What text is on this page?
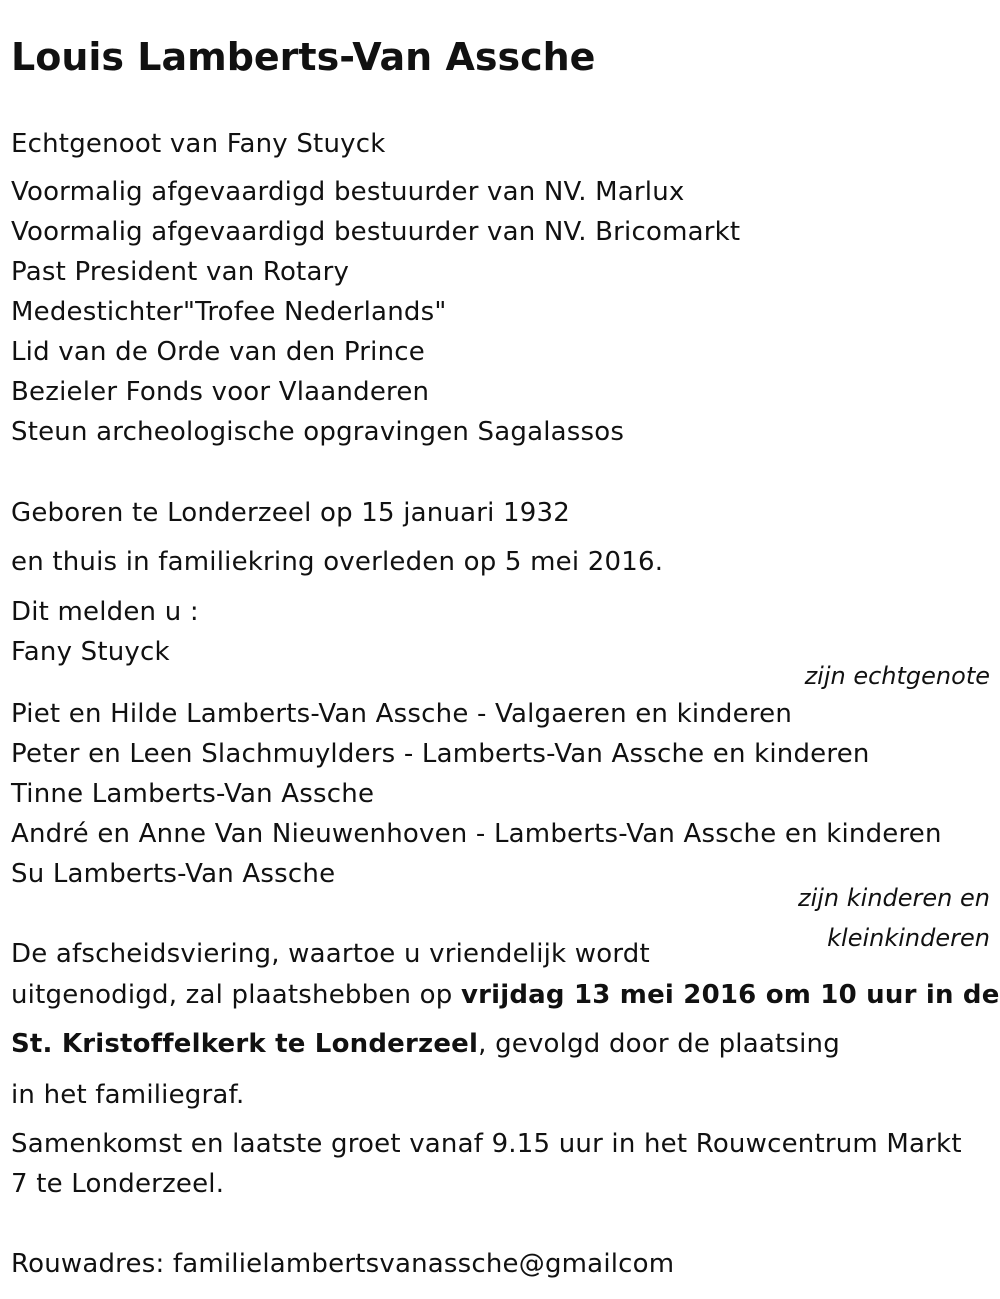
Louis Lamberts-Van Assche
Echtgenoot van Fany Stuyck
Voormalig afgevaardigd bestuurder van NV. Marlux
Voormalig afgevaardigd bestuurder van NV. Bricomarkt
Past President van Rotary
Medestichter"Trofee Nederlands"
Lid van de Orde van den Prince
Bezieler Fonds voor Vlaanderen
Steun archeologische opgravingen Sagalassos
Geboren te Londerzeel op 15 januari 1932
en thuis in familiekring overleden op 5 mei 2016.
Dit melden u :
Fany Stuyck
zijn echtgenote
Piet en Hilde Lamberts-Van Assche - Valgaeren en kinderen
Peter en Leen Slachmuylders - Lamberts-Van Assche en kinderen
Tinne Lamberts-Van Assche
André en Anne Van Nieuwenhoven - Lamberts-Van Assche en kinderen
Su Lamberts-Van Assche
zijn kinderen en
kleinkinderen
De afscheidsviering, waartoe u vriendelijk wordt
uitgenodigd, zal plaatshebben op vrijdag 13 mei 2016 om 10 uur in de
St. Kristoffelkerk te Londerzeel, gevolgd door de plaatsing
in het familiegraf.
Samenkomst en laatste groet vanaf 9.15 uur in het Rouwcentrum Markt
7 te Londerzeel.
Rouwadres: familielambertsvanassche@gmailcom
